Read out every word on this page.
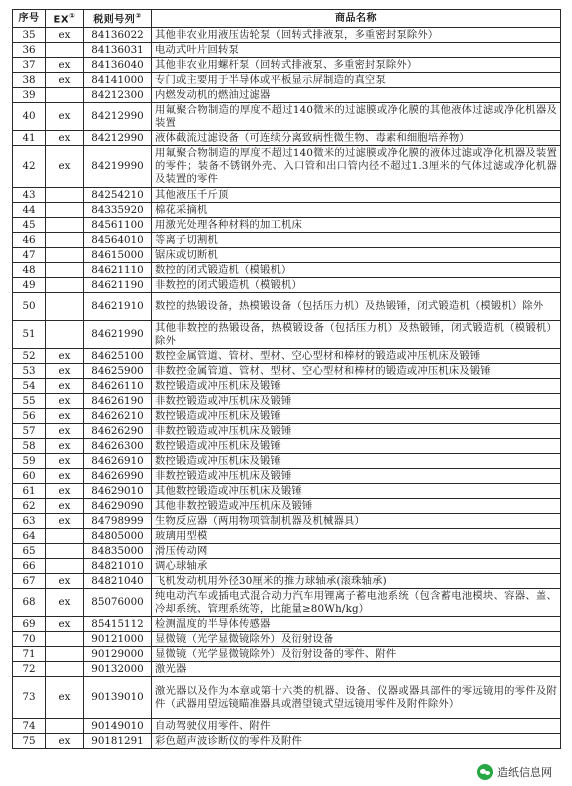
序号	EX①	税则号列②	商品名称
35	ex	84136022	其他非农业用液压齿轮泵（回转式排液泵，多重密封泵除外）
36		84136031	电动式叶片回转泵
37	ex	84136040	其他非农业用螺杆泵（回转式排液泵、多重密封泵除外）
38	ex	84141000	专门或主要用于半导体或平板显示屏制造的真空泵
39		84212300	内燃发动机的燃油过滤器
40	ex	84212990	用氟聚合物制造的厚度不超过140微米的过滤膜或净化膜的其他液体过滤或净化机器及装置
41	ex	84212990	液体截流过滤设备（可连续分离致病性微生物、毒素和细胞培养物）
42	ex	84219990	用氟聚合物制造的厚度不超过140微米的过滤膜或净化膜的液体过滤或净化机器及装置的零件；装备不锈钢外壳、入口管和出口管内径不超过1.3厘米的气体过滤或净化机器及装置的零件
43		84254210	其他液压千斤顶
44		84335920	棉花采摘机
45		84561100	用激光处理各种材料的加工机床
46		84564010	等离子切割机
47		84615000	锯床或切断机
48		84621110	数控的闭式锻造机（模锻机）
49		84621190	非数控的闭式锻造机（模锻机）
50		84621910	数控的热锻设备，热模锻设备（包括压力机）及热锻锤，闭式锻造机（模锻机）除外
51		84621990	其他非数控的热锻设备，热模锻设备（包括压力机）及热锻锤，闭式锻造机（模锻机）除外
52	ex	84625100	数控金属管道、管材、型材、空心型材和棒材的锻造或冲压机床及锻锤
53	ex	84625900	非数控金属管道、管材、型材、空心型材和棒材的锻造或冲压机床及锻锤
54	ex	84626110	数控锻造或冲压机床及锻锤
55	ex	84626190	非数控锻造或冲压机床及锻锤
56	ex	84626210	数控锻造或冲压机床及锻锤
57	ex	84626290	非数控锻造或冲压机床及锻锤
58	ex	84626300	数控锻造或冲压机床及锻锤
59	ex	84626910	数控锻造或冲压机床及锻锤
60	ex	84626990	非数控锻造或冲压机床及锻锤
61	ex	84629010	其他数控锻造或冲压机床及锻锤
62	ex	84629090	其他非数控锻造或冲压机床及锻锤
63	ex	84798999	生物反应器（两用物项管制机器及机械器具）
64		84805000	玻璃用型模
65		84835000	滑压传动网
66		84821010	调心球轴承
67	ex	84821040	飞机发动机用外径30厘米的推力球轴承(滚珠轴承)
68	ex	85076000	纯电动汽车或插电式混合动力汽车用锂离子蓄电池系统（包含蓄电池模块、容器、盖、冷却系统、管理系统等，比能量≥80Wh/kg）
69	ex	85415112	检测温度的半导体传感器
70		90121000	显微镜（光学显微镜除外）及衍射设备
71		90129000	显微镜（光学显微镜除外）及衍射设备的零件、附件
72		90132000	激光器
73	ex	90139010	激光器以及作为本章或第十六类的机器、设备、仪器或器具部件的零远镜用的零件及附件（武器用望远镜瞄准器具或潜望镜式望远镜用零件及附件除外）
74		90149010	自动驾驶仪用零件、附件
75	ex	90181291	彩色超声波诊断仪的零件及附件
造纸信息网
